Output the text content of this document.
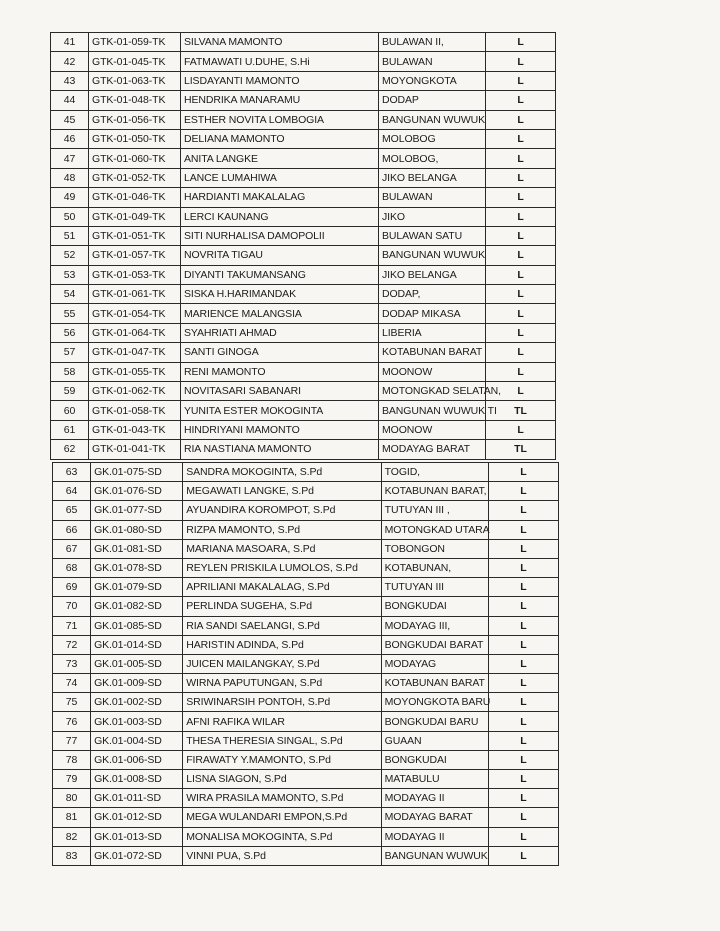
41	GTK-01-059-TK	SILVANA MAMONTO	BULAWAN II,	L
42	GTK-01-045-TK	FATMAWATI U.DUHE, S.Hi	BULAWAN	L
43	GTK-01-063-TK	LISDAYANTI MAMONTO	MOYONGKOTA	L
44	GTK-01-048-TK	HENDRIKA MANARAMU	DODAP	L
45	GTK-01-056-TK	ESTHER NOVITA LOMBOGIA	BANGUNAN WUWUK	L
46	GTK-01-050-TK	DELIANA MAMONTO	MOLOBOG	L
47	GTK-01-060-TK	ANITA LANGKE	MOLOBOG,	L
48	GTK-01-052-TK	LANCE LUMAHIWA	JIKO BELANGA	L
49	GTK-01-046-TK	HARDIANTI MAKALALAG	BULAWAN	L
50	GTK-01-049-TK	LERCI KAUNANG	JIKO	L
51	GTK-01-051-TK	SITI NURHALISA DAMOPOLII	BULAWAN SATU	L
52	GTK-01-057-TK	NOVRITA TIGAU	BANGUNAN WUWUK	L
53	GTK-01-053-TK	DIYANTI TAKUMANSANG	JIKO BELANGA	L
54	GTK-01-061-TK	SISKA H.HARIMANDAK	DODAP,	L
55	GTK-01-054-TK	MARIENCE MALANGSIA	DODAP MIKASA	L
56	GTK-01-064-TK	SYAHRIATI AHMAD	LIBERIA	L
57	GTK-01-047-TK	SANTI GINOGA	KOTABUNAN BARAT	L
58	GTK-01-055-TK	RENI MAMONTO	MOONOW	L
59	GTK-01-062-TK	NOVITASARI SABANARI	MOTONGKAD SELATAN,	L
60	GTK-01-058-TK	YUNITA ESTER MOKOGINTA	BANGUNAN WUWUK TI	TL
61	GTK-01-043-TK	HINDRIYANI MAMONTO	MOONOW	L
62	GTK-01-041-TK	RIA NASTIANA MAMONTO	MODAYAG BARAT	TL
63	GK.01-075-SD	SANDRA MOKOGINTA, S.Pd	TOGID,	L
64	GK.01-076-SD	MEGAWATI LANGKE, S.Pd	KOTABUNAN BARAT,	L
65	GK.01-077-SD	AYUANDIRA KOROMPOT, S.Pd	TUTUYAN III ,	L
66	GK.01-080-SD	RIZPA MAMONTO, S.Pd	MOTONGKAD UTARA	L
67	GK.01-081-SD	MARIANA MASOARA, S.Pd	TOBONGON	L
68	GK.01-078-SD	REYLEN PRISKILA LUMOLOS, S.Pd	KOTABUNAN,	L
69	GK.01-079-SD	APRILIANI MAKALALAG, S.Pd	TUTUYAN III	L
70	GK.01-082-SD	PERLINDA SUGEHA, S.Pd	BONGKUDAI	L
71	GK.01-085-SD	RIA SANDI SAELANGI, S.Pd	MODAYAG III,	L
72	GK.01-014-SD	HARISTIN ADINDA, S.Pd	BONGKUDAI BARAT	L
73	GK.01-005-SD	JUICEN MAILANGKAY, S.Pd	MODAYAG	L
74	GK.01-009-SD	WIRNA PAPUTUNGAN, S.Pd	KOTABUNAN BARAT	L
75	GK.01-002-SD	SRIWINARSIH PONTOH, S.Pd	MOYONGKOTA BARU	L
76	GK.01-003-SD	AFNI RAFIKA WILAR	BONGKUDAI BARU	L
77	GK.01-004-SD	THESA THERESIA SINGAL, S.Pd	GUAAN	L
78	GK.01-006-SD	FIRAWATY Y.MAMONTO, S.Pd	BONGKUDAI	L
79	GK.01-008-SD	LISNA SIAGON, S.Pd	MATABULU	L
80	GK.01-011-SD	WIRA PRASILA MAMONTO, S.Pd	MODAYAG II	L
81	GK.01-012-SD	MEGA WULANDARI EMPON,S.Pd	MODAYAG BARAT	L
82	GK.01-013-SD	MONALISA MOKOGINTA, S.Pd	MODAYAG II	L
83	GK.01-072-SD	VINNI PUA, S.Pd	BANGUNAN WUWUK	L
